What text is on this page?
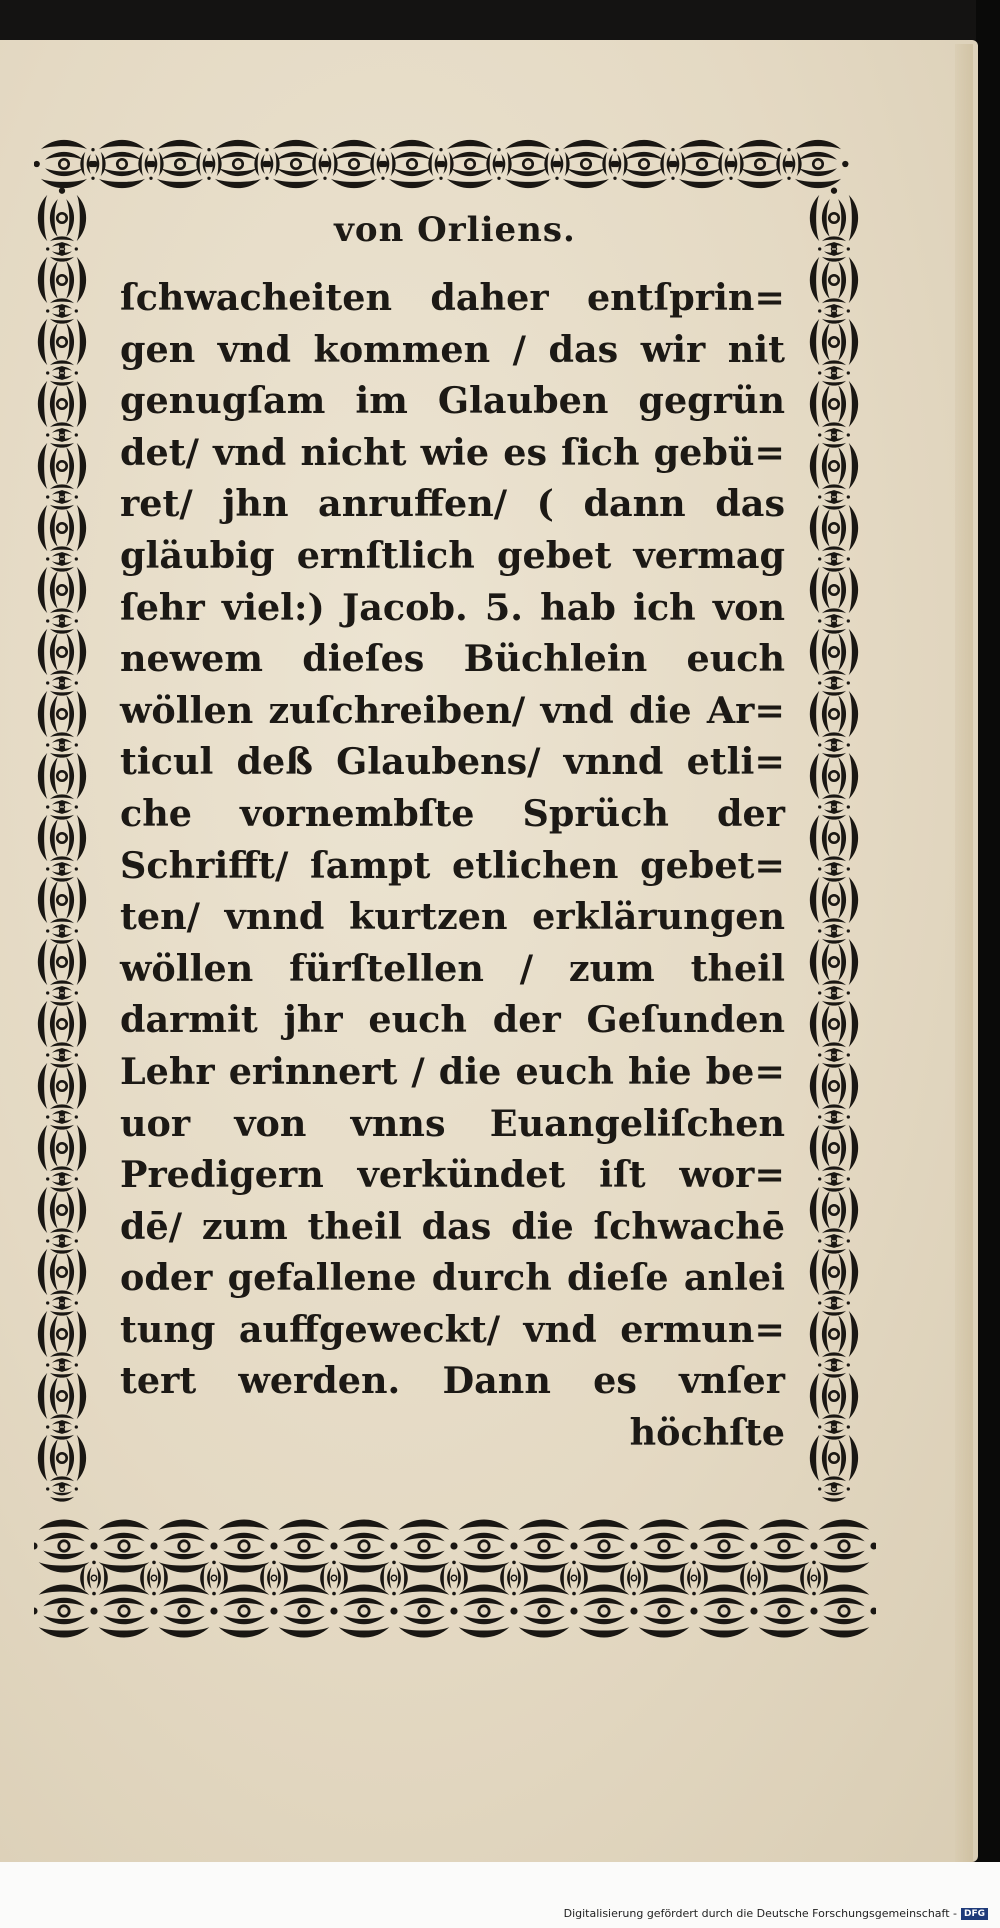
von Orliens.
ſchwacheiten daher entſprin=
gen vnd kommen / das wir nit
genugſam im Glauben gegrün
det/ vnd nicht wie es ſich gebü=
ret/ jhn anruffen/ ( dann das
gläubig ernſtlich gebet vermag
ſehr viel:) Jacob. 5. hab ich von
newem dieſes Büchlein euch
wöllen zuſchreiben/ vnd die Ar=
ticul deß Glaubens/ vnnd etli=
che vornembſte Sprüch der
Schrifft/ ſampt etlichen gebet=
ten/ vnnd kurtzen erklärungen
wöllen fürſtellen / zum theil
darmit jhr euch der Geſunden
Lehr erinnert / die euch hie be=
uor von vnns Euangeliſchen
Predigern verkündet iſt wor=
dē/ zum theil das die ſchwachē
oder gefallene durch dieſe anlei
tung auffgeweckt/ vnd ermun=
tert werden. Dann es vnſer
höchſte
Digitalisierung gefördert durch die Deutsche Forschungsgemeinschaft - DFG
